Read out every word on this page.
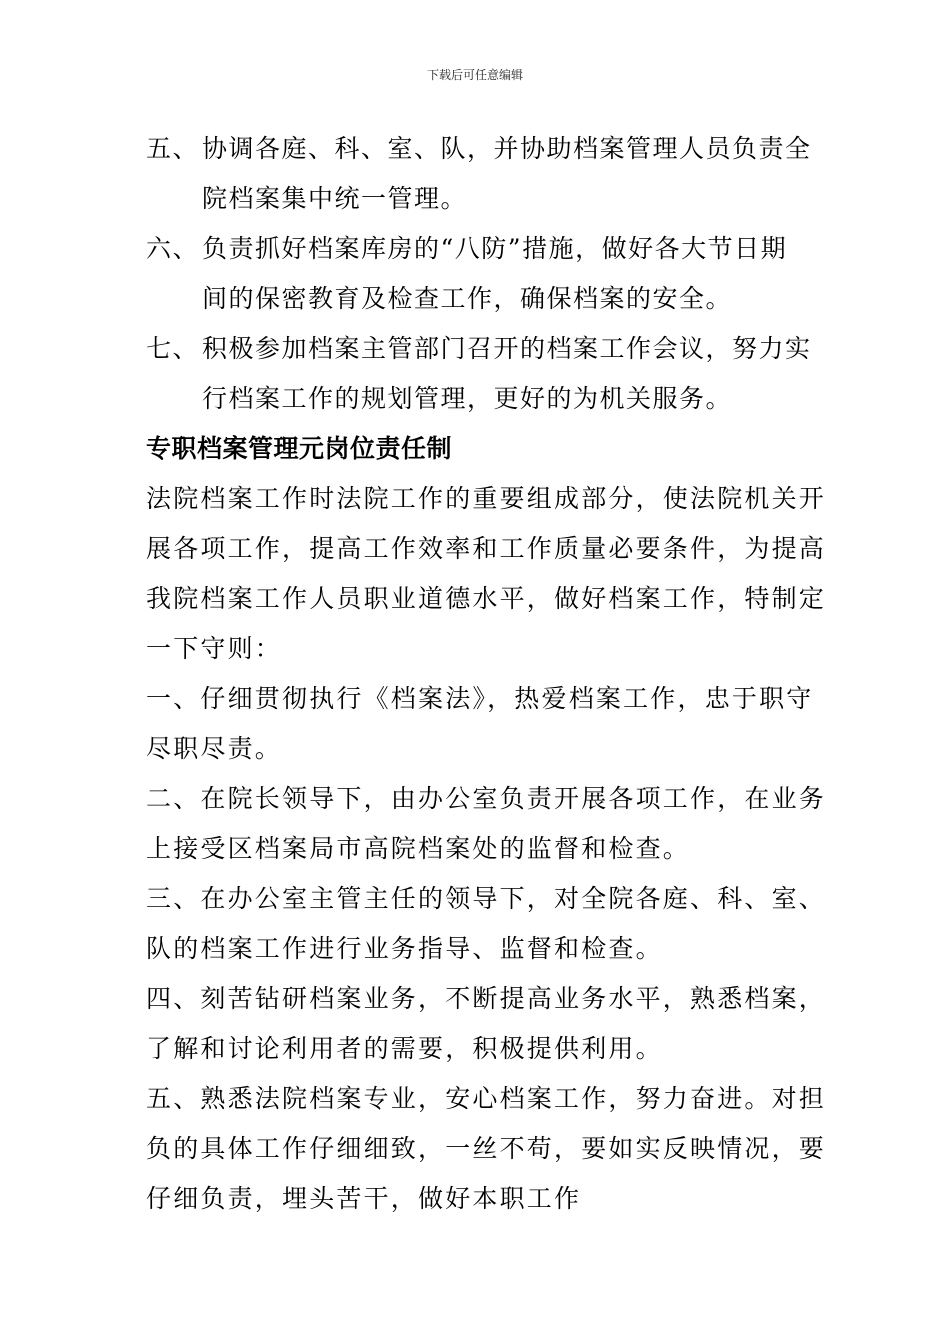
下载后可任意编辑
五、 协调各庭、科、室、队，并协助档案管理人员负责全
院档案集中统一管理。
六、 负责抓好档案库房的“八防”措施，做好各大节日期
间的保密教育及检查工作，确保档案的安全。
七、 积极参加档案主管部门召开的档案工作会议，努力实
行档案工作的规划管理，更好的为机关服务。
专职档案管理元岗位责任制
法院档案工作时法院工作的重要组成部分，使法院机关开
展各项工作，提高工作效率和工作质量必要条件，为提高
我院档案工作人员职业道德水平，做好档案工作，特制定
一下守则：
一、仔细贯彻执行《档案法》，热爱档案工作，忠于职守
尽职尽责。
二、在院长领导下，由办公室负责开展各项工作，在业务
上接受区档案局市高院档案处的监督和检查。
三、在办公室主管主任的领导下，对全院各庭、科、室、
队的档案工作进行业务指导、监督和检查。
四、刻苦钻研档案业务，不断提高业务水平，熟悉档案，
了解和讨论利用者的需要，积极提供利用。
五、熟悉法院档案专业，安心档案工作，努力奋进。对担
负的具体工作仔细细致，一丝不苟，要如实反映情况，要
仔细负责，埋头苦干，做好本职工作
